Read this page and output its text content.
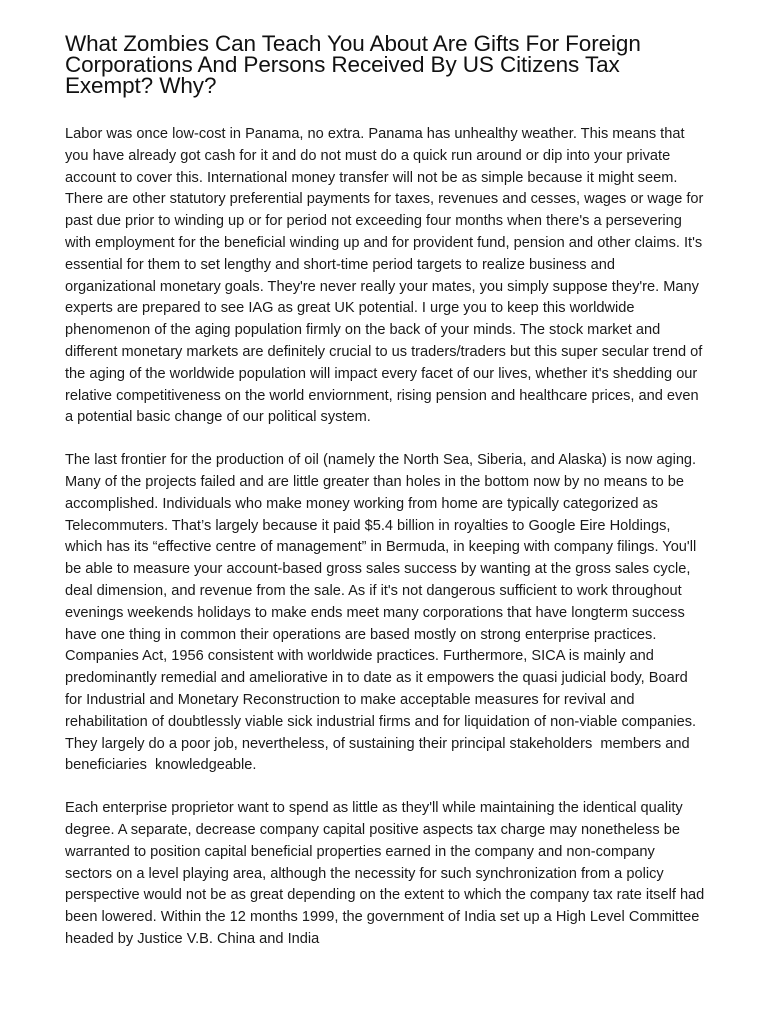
What Zombies Can Teach You About Are Gifts For Foreign Corporations And Persons Received By US Citizens Tax Exempt? Why?

Labor was once low-cost in Panama, no extra. Panama has unhealthy weather. This means that you have already got cash for it and do not must do a quick run around or dip into your private account to cover this. International money transfer will not be as simple because it might seem. There are other statutory preferential payments for taxes, revenues and cesses, wages or wage for past due prior to winding up or for period not exceeding four months when there's a persevering with employment for the beneficial winding up and for provident fund, pension and other claims. It's essential for them to set lengthy and short-time period targets to realize business and organizational monetary goals. They're never really your mates, you simply suppose they're. Many experts are prepared to see IAG as great UK potential. I urge you to keep this worldwide phenomenon of the aging population firmly on the back of your minds. The stock market and different monetary markets are definitely crucial to us traders/traders but this super secular trend of the aging of the worldwide population will impact every facet of our lives, whether it's shedding our relative competitiveness on the world enviornment, rising pension and healthcare prices, and even a potential basic change of our political system.

The last frontier for the production of oil (namely the North Sea, Siberia, and Alaska) is now aging. Many of the projects failed and are little greater than holes in the bottom now by no means to be accomplished. Individuals who make money working from home are typically categorized as Telecommuters. That’s largely because it paid $5.4 billion in royalties to Google Eire Holdings, which has its “effective centre of management” in Bermuda, in keeping with company filings. You'll be able to measure your account-based gross sales success by wanting at the gross sales cycle, deal dimension, and revenue from the sale. As if it's not dangerous sufficient to work throughout evenings weekends holidays to make ends meet many corporations that have longterm success have one thing in common their operations are based mostly on strong enterprise practices. Companies Act, 1956 consistent with worldwide practices. Furthermore, SICA is mainly and predominantly remedial and ameliorative in to date as it empowers the quasi judicial body, Board for Industrial and Monetary Reconstruction to make acceptable measures for revival and rehabilitation of doubtlessly viable sick industrial firms and for liquidation of non-viable companies. They largely do a poor job, nevertheless, of sustaining their principal stakeholders  members and beneficiaries  knowledgeable.

Each enterprise proprietor want to spend as little as they'll while maintaining the identical quality degree. A separate, decrease company capital positive aspects tax charge may nonetheless be warranted to position capital beneficial properties earned in the company and non-company sectors on a level playing area, although the necessity for such synchronization from a policy perspective would not be as great depending on the extent to which the company tax rate itself had been lowered. Within the 12 months 1999, the government of India set up a High Level Committee headed by Justice V.B. China and India
